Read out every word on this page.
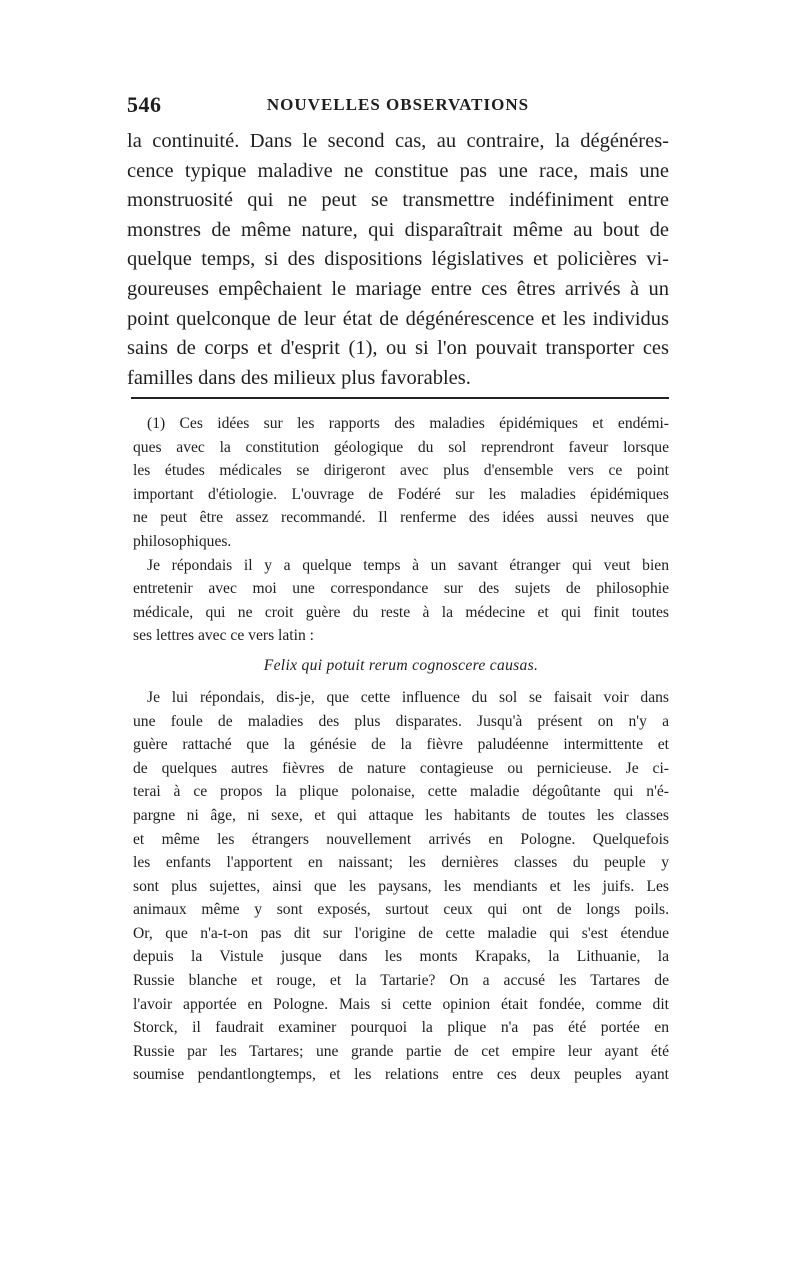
546	NOUVELLES OBSERVATIONS
la continuité. Dans le second cas, au contraire, la dégénéres-
cence typique maladive ne constitue pas une race, mais une
monstruosité qui ne peut se transmettre indéfiniment entre
monstres de même nature, qui disparaîtrait même au bout de
quelque temps, si des dispositions législatives et policières vi-
goureuses empêchaient le mariage entre ces êtres arrivés à un
point quelconque de leur état de dégénérescence et les individus
sains de corps et d'esprit (1), ou si l'on pouvait transporter ces
familles dans des milieux plus favorables.
(1) Ces idées sur les rapports des maladies épidémiques et endémi-
ques avec la constitution géologique du sol reprendront faveur lorsque
les études médicales se dirigeront avec plus d'ensemble vers ce point
important d'étiologie. L'ouvrage de Fodéré sur les maladies épidémiques
ne peut être assez recommandé. Il renferme des idées aussi neuves que
philosophiques.
Je répondais il y a quelque temps à un savant étranger qui veut bien
entretenir avec moi une correspondance sur des sujets de philosophie
médicale, qui ne croit guère du reste à la médecine et qui finit toutes
ses lettres avec ce vers latin :
Felix qui potuit rerum cognoscere causas.
Je lui répondais, dis-je, que cette influence du sol se faisait voir dans
une foule de maladies des plus disparates. Jusqu'à présent on n'y a
guère rattaché que la génésie de la fièvre paludéenne intermittente et
de quelques autres fièvres de nature contagieuse ou pernicieuse. Je ci-
terai à ce propos la plique polonaise, cette maladie dégoûtante qui n'é-
pargne ni âge, ni sexe, et qui attaque les habitants de toutes les classes
et même les étrangers nouvellement arrivés en Pologne. Quelquefois
les enfants l'apportent en naissant; les dernières classes du peuple y
sont plus sujettes, ainsi que les paysans, les mendiants et les juifs. Les
animaux même y sont exposés, surtout ceux qui ont de longs poils.
Or, que n'a-t-on pas dit sur l'origine de cette maladie qui s'est étendue
depuis la Vistule jusque dans les monts Krapaks, la Lithuanie, la
Russie blanche et rouge, et la Tartarie? On a accusé les Tartares de
l'avoir apportée en Pologne. Mais si cette opinion était fondée, comme dit
Storck, il faudrait examiner pourquoi la plique n'a pas été portée en
Russie par les Tartares; une grande partie de cet empire leur ayant été
soumise pendantlongtemps, et les relations entre ces deux peuples ayant
